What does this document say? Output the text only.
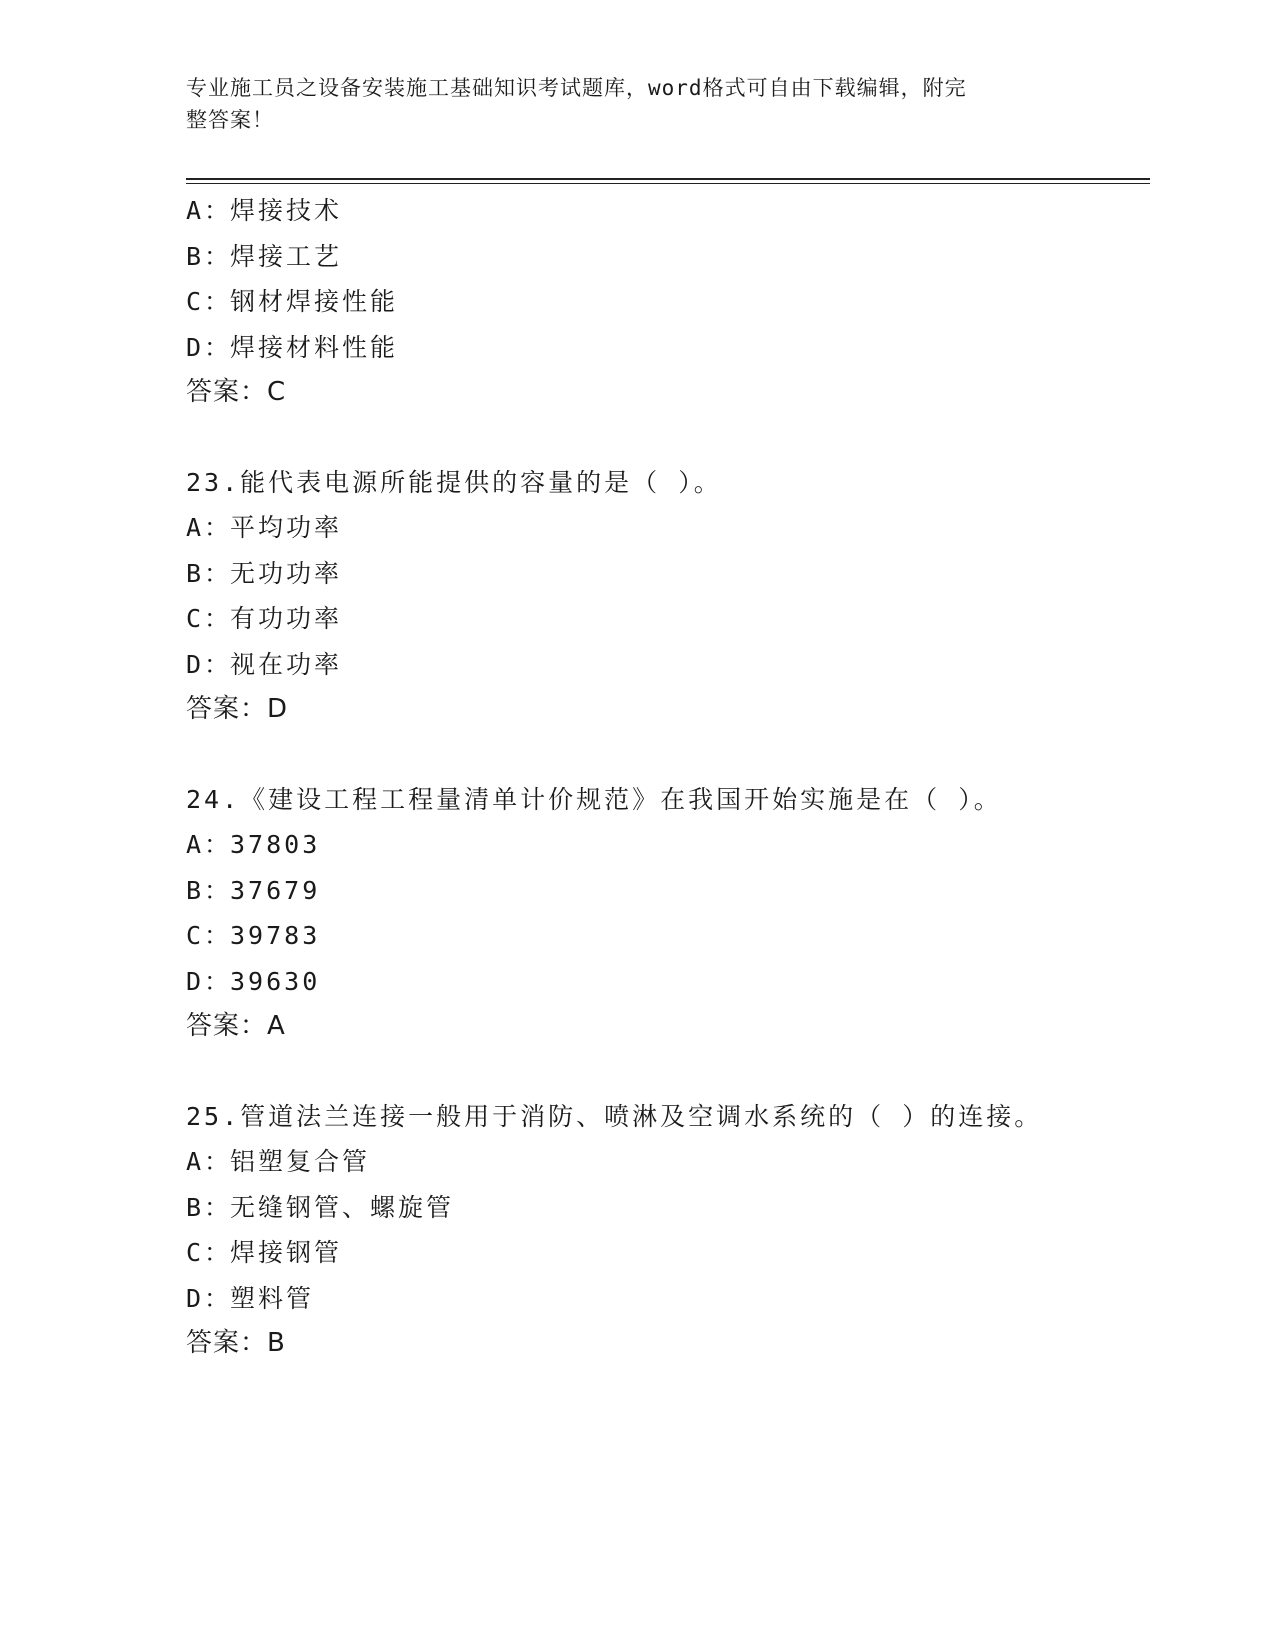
专业施工员之设备安装施工基础知识考试题库，word格式可自由下载编辑，附完
整答案！
A：焊接技术
B：焊接工艺
C：钢材焊接性能
D：焊接材料性能
答案：C
23.能代表电源所能提供的容量的是（ ）。
A：平均功率
B：无功功率
C：有功功率
D：视在功率
答案：D
24.《建设工程工程量清单计价规范》在我国开始实施是在（ ）。
A：37803
B：37679
C：39783
D：39630
答案：A
25.管道法兰连接一般用于消防、喷淋及空调水系统的（ ）的连接。
A：铝塑复合管
B：无缝钢管、螺旋管
C：焊接钢管
D：塑料管
答案：B
